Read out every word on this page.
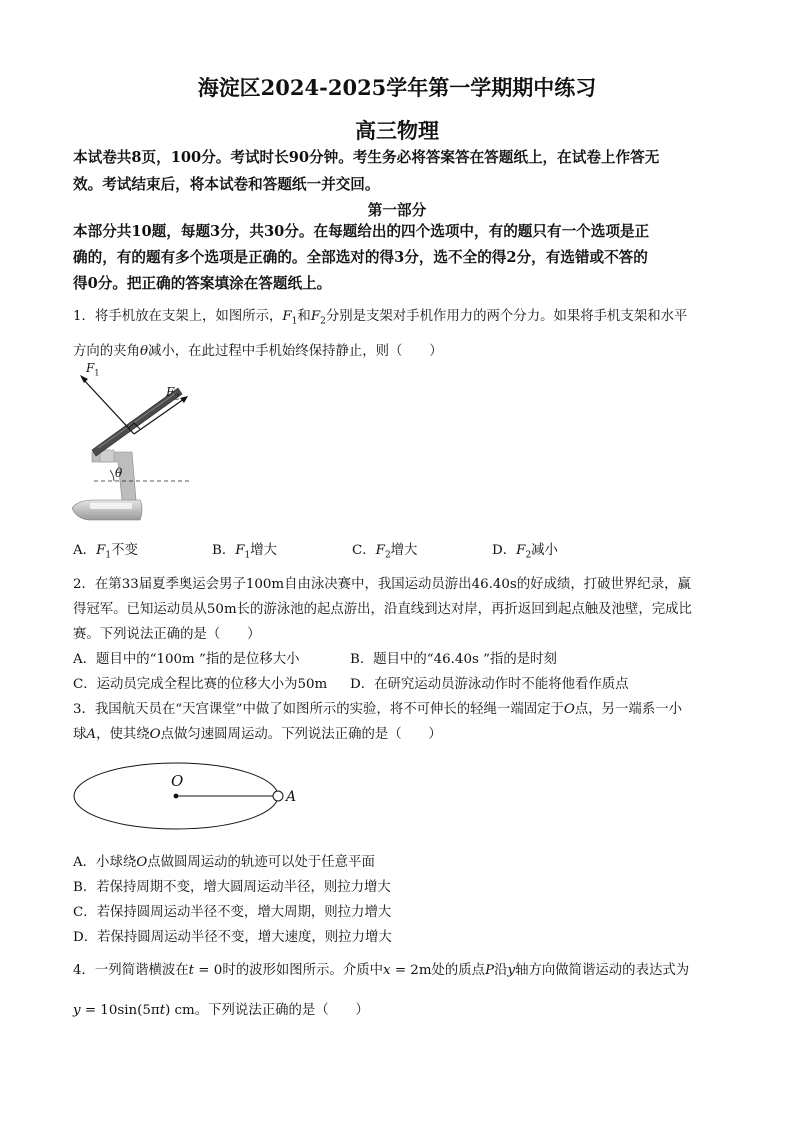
海淀区2024-2025学年第一学期期中练习
高三物理
本试卷共8页，100分。考试时长90分钟。考生务必将答案答在答题纸上，在试卷上作答无
效。考试结束后，将本试卷和答题纸一并交回。
第一部分
本部分共10题，每题3分，共30分。在每题给出的四个选项中，有的题只有一个选项是正
确的，有的题有多个选项是正确的。全部选对的得3分，选不全的得2分，有选错或不答的
得0分。把正确的答案填涂在答题纸上。
1．将手机放在支架上，如图所示，$F_1$和$F_2$分别是支架对手机作用力的两个分力。如果将手机支架和水平
方向的夹角θ减小，在此过程中手机始终保持静止，则（　　）
$F_1$
$F_2$
θ
A．$F_1$不变	B．$F_1$增大	C．$F_2$增大	D．$F_2$减小
2．在第33届夏季奥运会男子100m自由泳决赛中，我国运动员游出46.40s的好成绩，打破世界纪录，赢
得冠军。已知运动员从50m长的游泳池的起点游出，沿直线到达对岸，再折返回到起点触及池壁，完成比
赛。下列说法正确的是（　　）
A．题目中的“100m ”指的是位移大小	B．题目中的“46.40s ”指的是时刻
C．运动员完成全程比赛的位移大小为50m D．在研究运动员游泳动作时不能将他看作质点
3．我国航天员在“天宫课堂”中做了如图所示的实验，将不可伸长的轻绳一端固定于O点，另一端系一小
球A，使其绕O点做匀速圆周运动。下列说法正确的是（　　）
O
A
A．小球绕O点做圆周运动的轨迹可以处于任意平面
B．若保持周期不变，增大圆周运动半径，则拉力增大
C．若保持圆周运动半径不变，增大周期，则拉力增大
D．若保持圆周运动半径不变，增大速度，则拉力增大
4．一列简谐横波在t = 0时的波形如图所示。介质中x = 2m处的质点P沿y轴方向做简谐运动的表达式为
y = 10sin(5πt) cm。下列说法正确的是（　　）
